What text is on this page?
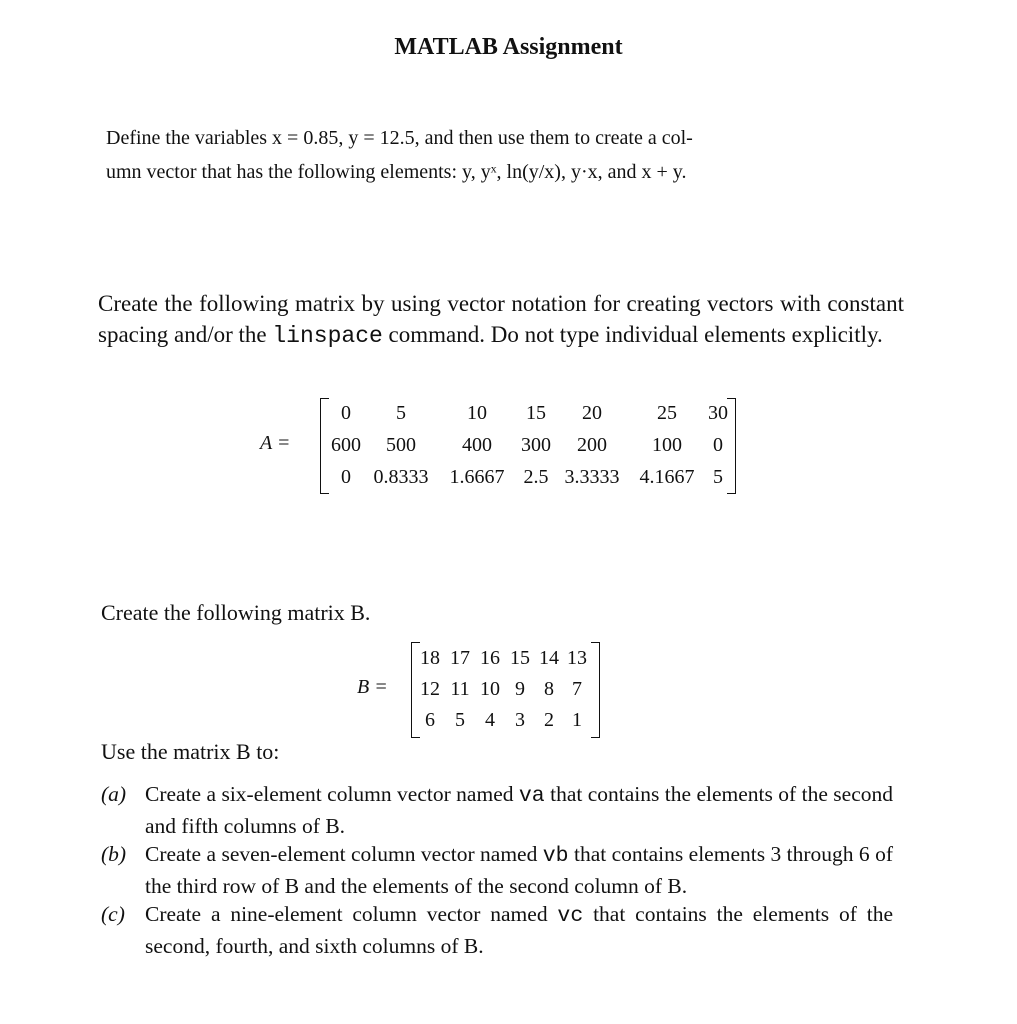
MATLAB Assignment
Define the variables x = 0.85, y = 12.5, and then use them to create a col-
umn vector that has the following elements: y, yˣ, ln(y/x), y·x, and x + y.
Create the following matrix by using vector notation for creating vectors with constant spacing and/or the linspace command. Do not type individual elements explicitly.
A =
0	5	10	15	20	25	30
600	500	400	300	200	100	0
0	0.8333 1.6667 2.5 3.3333 4.1667 5
Create the following matrix B.
B =
18 17 16 15 14 13
12 11 10 9 8 7
6	5	4	3 2 1
Use the matrix B to:
(a) Create a six-element column vector named va that contains the elements of the second and fifth columns of B.
(b) Create a seven-element column vector named vb that contains elements 3 through 6 of the third row of B and the elements of the second column of B.
(c) Create a nine-element column vector named vc that contains the elements of the second, fourth, and sixth columns of B.
